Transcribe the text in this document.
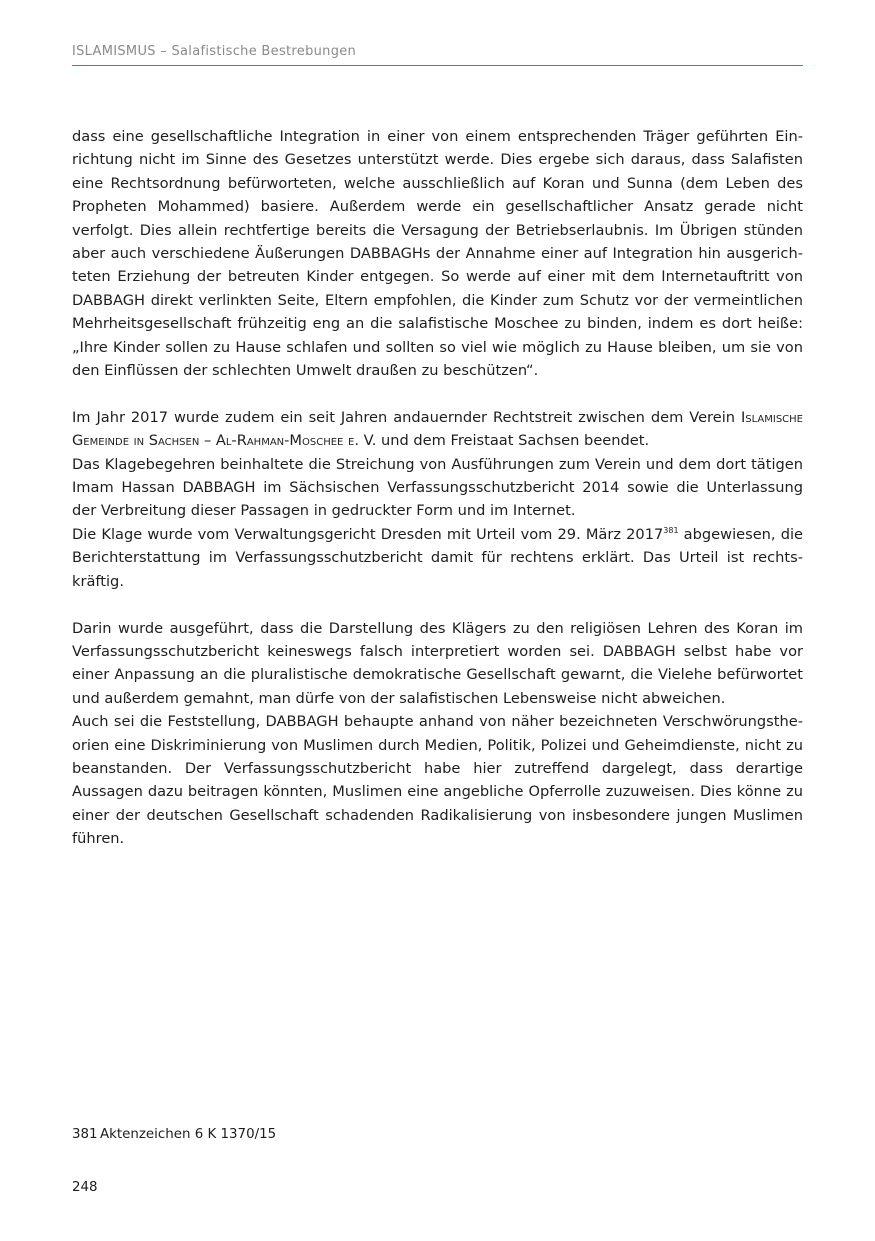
ISLAMISMUS – Salafistische Bestrebungen

dass eine gesellschaftliche Integration in einer von einem entsprechenden Träger geführten Einrichtung nicht im Sinne des Gesetzes unterstützt werde. Dies ergebe sich daraus, dass Salafisten eine Rechtsordnung befürworteten, welche ausschließlich auf Koran und Sunna (dem Leben des Propheten Mohammed) basiere. Außerdem werde ein gesellschaftlicher Ansatz gerade nicht verfolgt. Dies allein rechtfertige bereits die Versagung der Betriebserlaubnis. Im Übrigen stünden aber auch verschiedene Äußerungen DABBAGHs der Annahme einer auf Integration hin ausgerichteten Erziehung der betreuten Kinder entgegen. So werde auf einer mit dem Internetauftritt von DABBAGH direkt verlinkten Seite, Eltern empfohlen, die Kinder zum Schutz vor der vermeintlichen Mehrheitsgesellschaft frühzeitig eng an die salafistische Moschee zu binden, indem es dort heiße: „Ihre Kinder sollen zu Hause schlafen und sollten so viel wie möglich zu Hause bleiben, um sie von den Einflüssen der schlechten Umwelt draußen zu beschützen“.

Im Jahr 2017 wurde zudem ein seit Jahren andauernder Rechtstreit zwischen dem Verein Islamische Gemeinde in Sachsen – Al-Rahman-Moschee e. V. und dem Freistaat Sachsen beendet.

Das Klagebegehren beinhaltete die Streichung von Ausführungen zum Verein und dem dort tätigen Imam Hassan DABBAGH im Sächsischen Verfassungsschutzbericht 2014 sowie die Unterlassung der Verbreitung dieser Passagen in gedruckter Form und im Internet.

Die Klage wurde vom Verwaltungsgericht Dresden mit Urteil vom 29. März 2017$^{381}$ abgewiesen, die Berichterstattung im Verfassungsschutzbericht damit für rechtens erklärt. Das Urteil ist rechtskräftig.

Darin wurde ausgeführt, dass die Darstellung des Klägers zu den religiösen Lehren des Koran im Verfassungsschutzbericht keineswegs falsch interpretiert worden sei. DABBAGH selbst habe vor einer Anpassung an die pluralistische demokratische Gesellschaft gewarnt, die Vielehe befürwortet und außerdem gemahnt, man dürfe von der salafistischen Lebensweise nicht abweichen.

Auch sei die Feststellung, DABBAGH behaupte anhand von näher bezeichneten Verschwörungstheorien eine Diskriminierung von Muslimen durch Medien, Politik, Polizei und Geheimdienste, nicht zu beanstanden. Der Verfassungsschutzbericht habe hier zutreffend dargelegt, dass derartige Aussagen dazu beitragen könnten, Muslimen eine angebliche Opferrolle zuzuweisen. Dies könne zu einer der deutschen Gesellschaft schadenden Radikalisierung von insbesondere jungen Muslimen führen.

381 Aktenzeichen 6 K 1370/15
248
